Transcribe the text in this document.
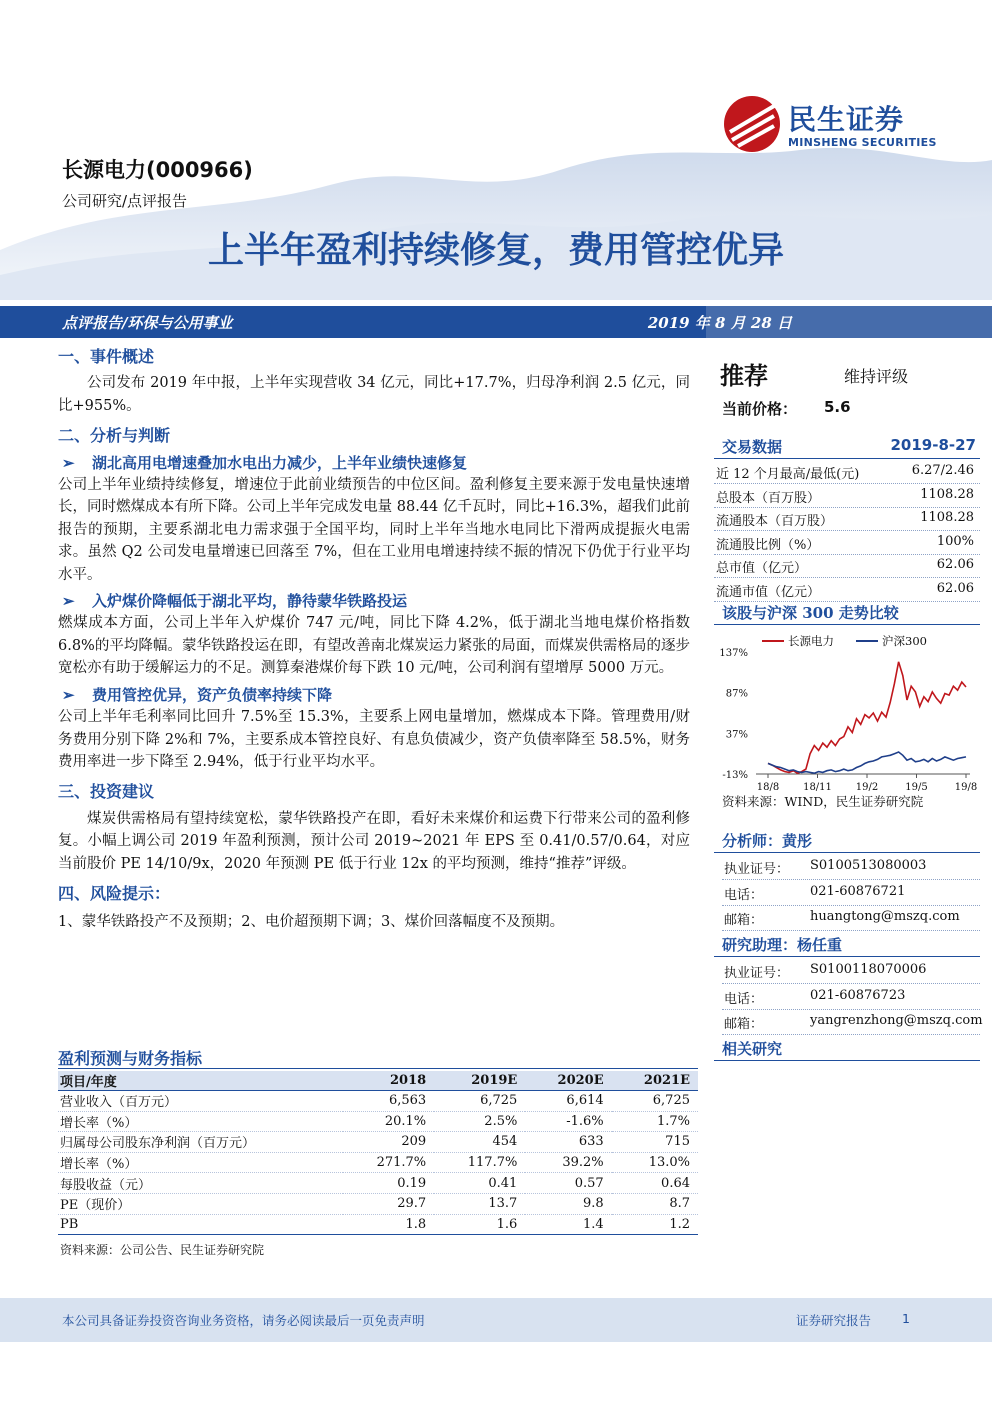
民生证券
MINSHENG SECURITIES
长源电力(000966)
公司研究/点评报告
上半年盈利持续修复，费用管控优异
点评报告/环保与公用事业	2019 年 8 月 28 日
一、事件概述

公司发布 2019 年中报，上半年实现营收 34 亿元，同比+17.7%，归母净利润 2.5 亿元，同比+955%。

二、分析与判断
➢ 湖北高用电增速叠加水电出力减少，上半年业绩快速修复

公司上半年业绩持续修复，增速位于此前业绩预告的中位区间。盈利修复主要来源于发电量快速增长，同时燃煤成本有所下降。公司上半年完成发电量 88.44 亿千瓦时，同比+16.3%，超我们此前报告的预期，主要系湖北电力需求强于全国平均，同时上半年当地水电同比下滑两成提振火电需求。虽然 Q2 公司发电量增速已回落至 7%，但在工业用电增速持续不振的情况下仍优于行业平均水平。

➢ 入炉煤价降幅低于湖北平均，静待蒙华铁路投运

燃煤成本方面，公司上半年入炉煤价 747 元/吨，同比下降 4.2%，低于湖北当地电煤价格指数 6.8%的平均降幅。蒙华铁路投运在即，有望改善南北煤炭运力紧张的局面，而煤炭供需格局的逐步宽松亦有助于缓解运力的不足。测算秦港煤价每下跌 10 元/吨，公司利润有望增厚 5000 万元。

➢ 费用管控优异，资产负债率持续下降

公司上半年毛利率同比回升 7.5%至 15.3%，主要系上网电量增加，燃煤成本下降。管理费用/财务费用分别下降 2%和 7%，主要系成本管控良好、有息负债减少，资产负债率降至 58.5%，财务费用率进一步下降至 2.94%，低于行业平均水平。

三、投资建议

煤炭供需格局有望持续宽松，蒙华铁路投产在即，看好未来煤价和运费下行带来公司的盈利修复。小幅上调公司 2019 年盈利预测，预计公司 2019~2021 年 EPS 至 0.41/0.57/0.64，对应当前股价 PE 14/10/9x，2020 年预测 PE 低于行业 12x 的平均预测，维持“推荐”评级。

四、风险提示：

1、蒙华铁路投产不及预期；2、电价超预期下调；3、煤价回落幅度不及预期。

推荐	维持评级
当前价格： 5.6
交易数据	2019-8-27
近 12 个月最高/最低(元)	6.27/2.46
总股本（百万股）	1108.28
流通股本（百万股）	1108.28
流通股比例（%）	100%
总市值（亿元）	62.06
流通市值（亿元）	62.06
该股与沪深 300 走势比较
137%
87%
37%
-13%
18/8 18/11 19/2	19/5	19/8
长源电力	沪深300
资料来源：WIND，民生证券研究院
分析师：黄彤
执业证号： S0100513080003
电话：	021-60876721
邮箱：	huangtong@mszq.com
研究助理：杨任重
执业证号： S0100118070006
电话：	021-60876723
邮箱：	yangrenzhong@mszq.com
相关研究
盈利预测与财务指标
项目/年度	2018	2019E	2020E	2021E
营业收入（百万元）	6,563	6,725	6,614	6,725
增长率（%）	20.1%	2.5%	-1.6%	1.7%
归属母公司股东净利润（百万元）	209	454	633	715
增长率（%）	271.7%	117.7%	39.2%	13.0%
每股收益（元）	0.19	0.41	0.57	0.64
PE（现价）	29.7	13.7	9.8	8.7
PB	1.8	1.6	1.4	1.2
资料来源：公司公告、民生证券研究院
本公司具备证券投资咨询业务资格，请务必阅读最后一页免责声明	证券研究报告 1
